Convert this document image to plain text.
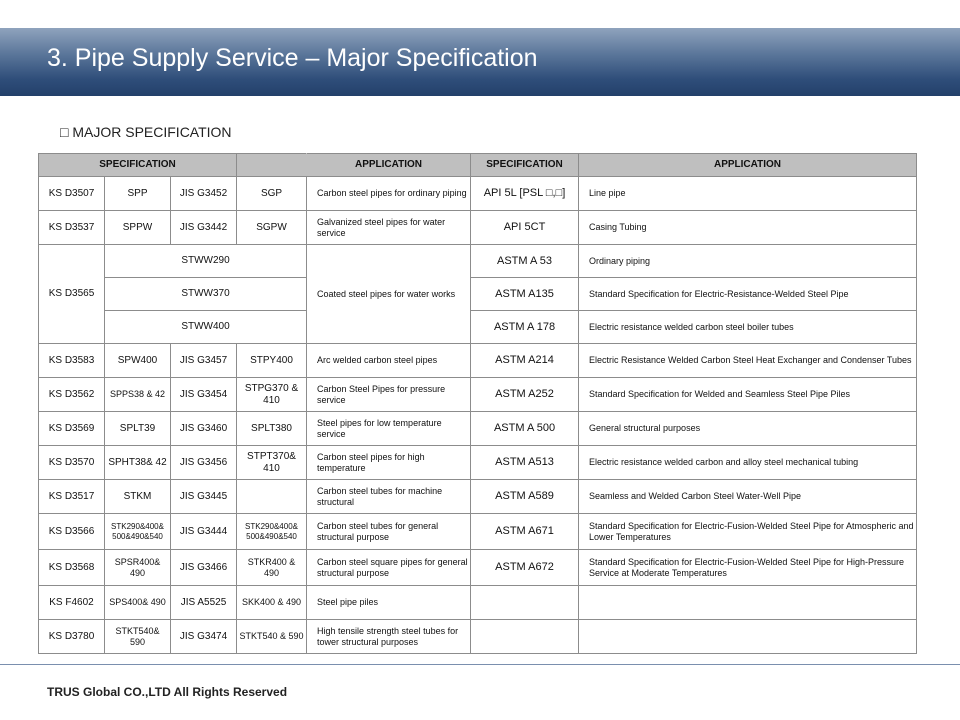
3. Pipe Supply Service – Major Specification
□ MAJOR SPECIFICATION
SPECIFICATION				APPLICATION	SPECIFICATION	APPLICATION
KS D3507	SPP	JIS G3452	SGP	Carbon steel pipes for ordinary piping	API 5L [PSL □,□]	Line pipe
KS D3537	SPPW	JIS G3442	SGPW	Galvanized steel pipes for water service	API 5CT	Casing Tubing
KS D3565	STWW290			Coated steel pipes for water works	ASTM A 53	Ordinary piping
	STWW370				ASTM A135	Standard Specification for Electric-Resistance-Welded Steel Pipe
	STWW400				ASTM A 178	Electric resistance welded carbon steel boiler tubes
KS D3583	SPW400	JIS G3457	STPY400	Arc welded carbon steel pipes	ASTM A214	Electric Resistance Welded Carbon Steel Heat Exchanger and Condenser Tubes
KS D3562	SPPS38 & 42	JIS G3454	STPG370 & 410	Carbon Steel Pipes for pressure service	ASTM A252	Standard Specification for Welded and Seamless Steel Pipe Piles
KS D3569	SPLT39	JIS G3460	SPLT380	Steel pipes for low temperature service	ASTM A 500	General structural purposes
KS D3570	SPHT38& 42	JIS G3456	STPT370& 410	Carbon steel pipes for high temperature	ASTM A513	Electric resistance welded carbon and alloy steel mechanical tubing
KS D3517	STKM	JIS G3445		Carbon steel tubes for machine structural	ASTM A589	Seamless and Welded Carbon Steel Water-Well Pipe
KS D3566	STK290&400& 500&490&540	JIS G3444	STK290&400& 500&490&540	Carbon steel tubes for general structural purpose	ASTM A671	Standard Specification for Electric-Fusion-Welded Steel Pipe for Atmospheric and Lower Temperatures
KS D3568	SPSR400& 490	JIS G3466	STKR400 & 490	Carbon steel square pipes for general structural purpose	ASTM A672	Standard Specification for Electric-Fusion-Welded Steel Pipe for High-Pressure Service at Moderate Temperatures
KS F4602	SPS400& 490	JIS A5525	SKK400 & 490	Steel pipe piles		
KS D3780	STKT540& 590	JIS G3474	STKT540 & 590	High tensile strength steel tubes for tower structural purposes		
TRUS Global CO.,LTD All Rights Reserved
